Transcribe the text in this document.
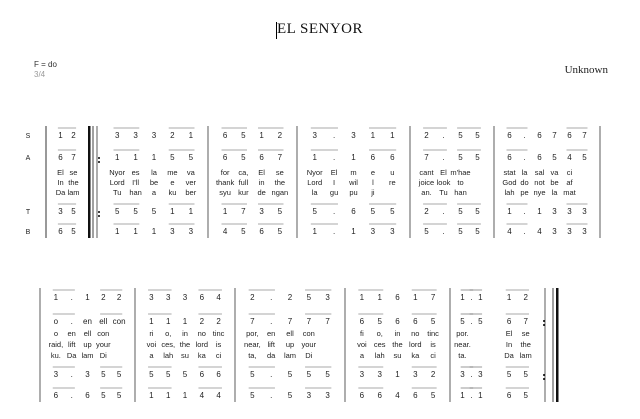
EL SENYOR
F = do
3/4	Unknown
S
A
T
B
1 2
6 7
El se
In the
Da lam
3 5
6 5
3 3 3 2 1
1 1 1 5 5
Nyor es la me va
Lord I'll be e ver
Tu han a ku ber
5 5 5 1 1
1 1 1 3 3
6 5 1 2
6 5 6 7
for ca, El se
thank full in the
syu kur de ngan
1 7 3 5
4 5 6 5
3 . 3 1 1
1 . 1 6 6
Nyor El m e u
Lord I wil l re
la gu pu ji
5 . 6 5 5
1 . 1 3 3
2 . 5 5
7 . 5 5
cant El m'hae
joice look to
an. Tu han
2 . 5 5
5 . 5 5
6 . 6 7 6 7
6 . 6 5 4 5
stat la sal va ci
God do not be af
lah pe nye la mat
1 . 1 3 3 3
4 . 4 3 3 3
1 . 1 2 2
o . en ell con
o en ell con
raid, lift up your
ku. Da lam Di
3 . 3 5 5
6 . 6 5 5
3 3 3 6 4
1 1 1 2 2
ri o, in no tinc
voi ces, the lord is
a lah su ka ci
5 5 5 6 6
1 1 1 4 4
2 . 2 5 3
7 . 7 7 7
por, en ell con
near, lift up your
ta, da lam Di
5 . 5 5 5
5 . 5 3 3
1 1 6 1 7
6 5 6 6 5
fi o, in no tinc
voi ces the lord is
a lah su ka ci
3 3 1 3 2
6 6 4 6 5
1 . 1
5 . 5
por.
near.
ta.
3 . 3
1 . 1
1 2
6 7
El se
In the
Da lam
5 5
6 5
